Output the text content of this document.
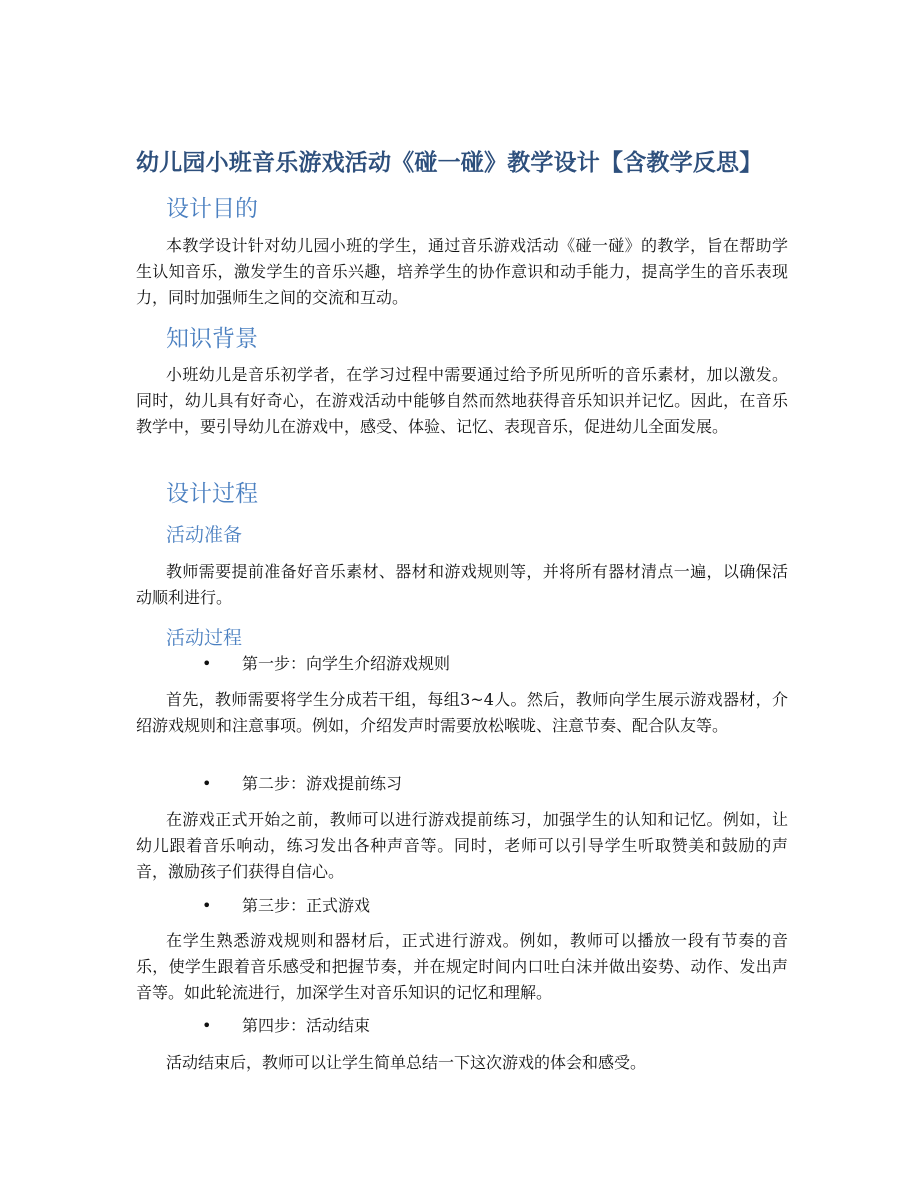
幼儿园小班音乐游戏活动《碰一碰》教学设计【含教学反思】
设计目的
本教学设计针对幼儿园小班的学生，通过音乐游戏活动《碰一碰》的教学，旨在帮助学生认知音乐，激发学生的音乐兴趣，培养学生的协作意识和动手能力，提高学生的音乐表现力，同时加强师生之间的交流和互动。
知识背景
小班幼儿是音乐初学者，在学习过程中需要通过给予所见所听的音乐素材，加以激发。同时，幼儿具有好奇心，在游戏活动中能够自然而然地获得音乐知识并记忆。因此，在音乐教学中，要引导幼儿在游戏中，感受、体验、记忆、表现音乐，促进幼儿全面发展。
设计过程
活动准备
教师需要提前准备好音乐素材、器材和游戏规则等，并将所有器材清点一遍，以确保活动顺利进行。
活动过程
• 第一步：向学生介绍游戏规则
首先，教师需要将学生分成若干组，每组3~4人。然后，教师向学生展示游戏器材，介绍游戏规则和注意事项。例如，介绍发声时需要放松喉咙、注意节奏、配合队友等。
• 第二步：游戏提前练习
在游戏正式开始之前，教师可以进行游戏提前练习，加强学生的认知和记忆。例如，让幼儿跟着音乐响动，练习发出各种声音等。同时，老师可以引导学生听取赞美和鼓励的声音，激励孩子们获得自信心。
• 第三步：正式游戏
在学生熟悉游戏规则和器材后，正式进行游戏。例如，教师可以播放一段有节奏的音乐，使学生跟着音乐感受和把握节奏，并在规定时间内口吐白沫并做出姿势、动作、发出声音等。如此轮流进行，加深学生对音乐知识的记忆和理解。
• 第四步：活动结束
活动结束后，教师可以让学生简单总结一下这次游戏的体会和感受。
